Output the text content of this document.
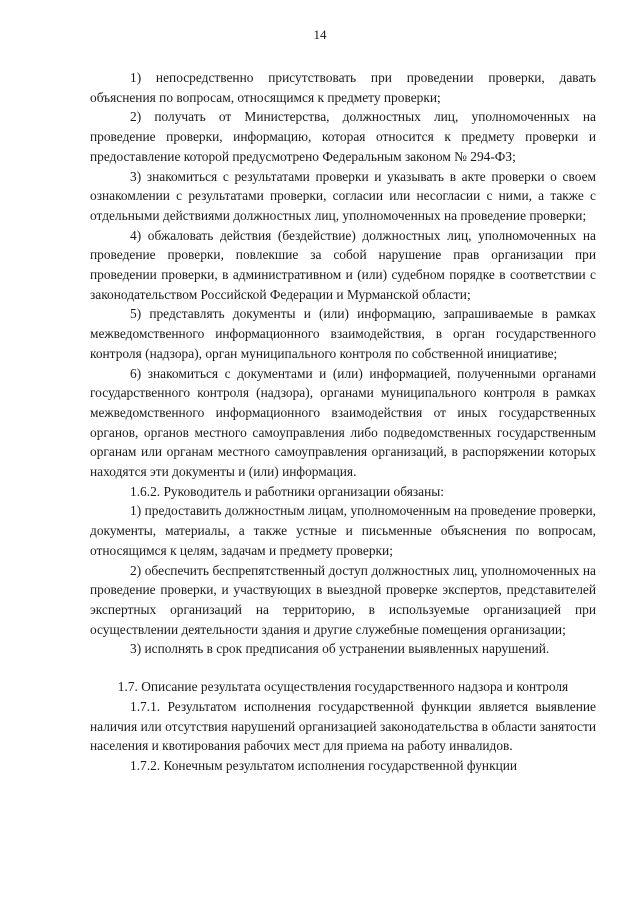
14

1) непосредственно присутствовать при проведении проверки, давать объяснения по вопросам, относящимся к предмету проверки;

2) получать от Министерства, должностных лиц, уполномоченных на проведение проверки, информацию, которая относится к предмету проверки и предоставление которой предусмотрено Федеральным законом № 294-ФЗ;

3) знакомиться с результатами проверки и указывать в акте проверки о своем ознакомлении с результатами проверки, согласии или несогласии с ними, а также с отдельными действиями должностных лиц, уполномоченных на проведение проверки;

4) обжаловать действия (бездействие) должностных лиц, уполномоченных на проведение проверки, повлекшие за собой нарушение прав организации при проведении проверки, в административном и (или) судебном порядке в соответствии с законодательством Российской Федерации и Мурманской области;

5) представлять документы и (или) информацию, запрашиваемые в рамках межведомственного информационного взаимодействия, в орган государственного контроля (надзора), орган муниципального контроля по собственной инициативе;

6) знакомиться с документами и (или) информацией, полученными органами государственного контроля (надзора), органами муниципального контроля в рамках межведомственного информационного взаимодействия от иных государственных органов, органов местного самоуправления либо подведомственных государственным органам или органам местного самоуправления организаций, в распоряжении которых находятся эти документы и (или) информация.

1.6.2. Руководитель и работники организации обязаны:

1) предоставить должностным лицам, уполномоченным на проведение проверки, документы, материалы, а также устные и письменные объяснения по вопросам, относящимся к целям, задачам и предмету проверки;

2) обеспечить беспрепятственный доступ должностных лиц, уполномоченных на проведение проверки, и участвующих в выездной проверке экспертов, представителей экспертных организаций на территорию, в используемые организацией при осуществлении деятельности здания и другие служебные помещения организации;

3) исполнять в срок предписания об устранении выявленных нарушений.

1.7. Описание результата осуществления государственного надзора и контроля

1.7.1. Результатом исполнения государственной функции является выявление наличия или отсутствия нарушений организацией законодательства в области занятости населения и квотирования рабочих мест для приема на работу инвалидов.

1.7.2. Конечным результатом исполнения государственной функции
